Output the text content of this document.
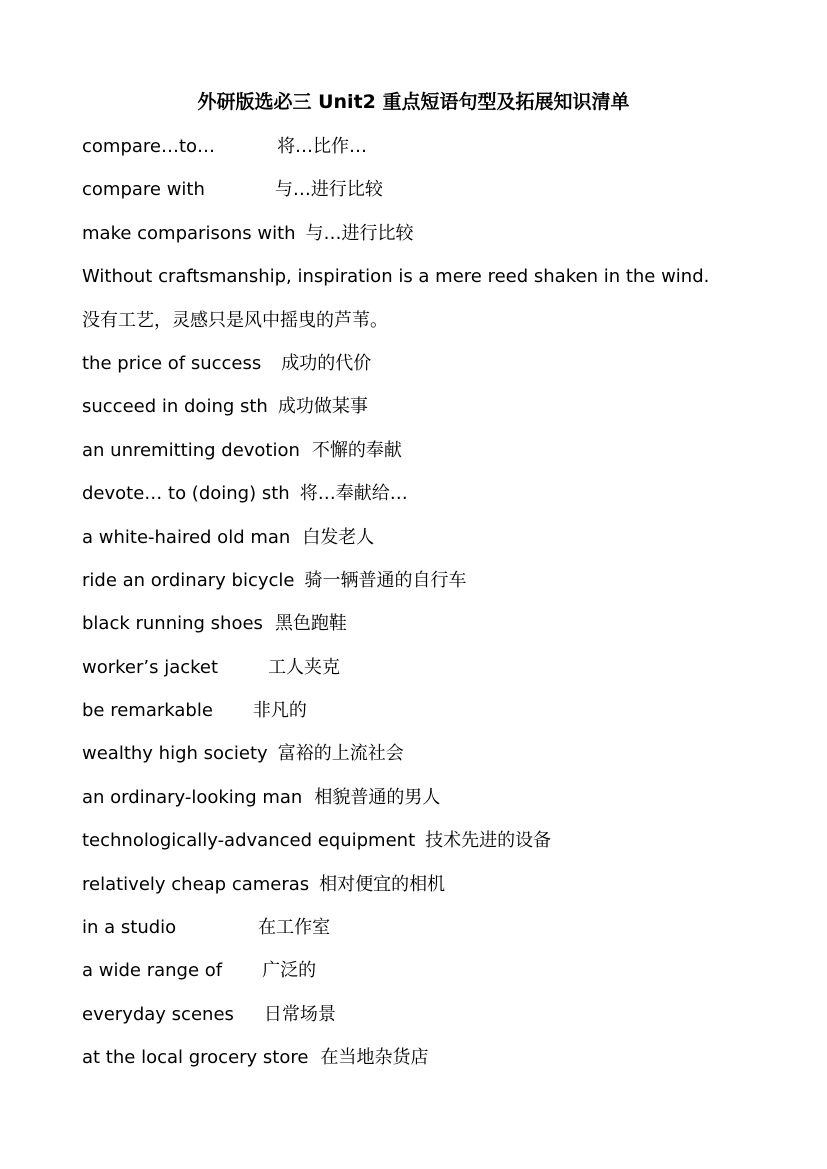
外研版选必三 Unit2 重点短语句型及拓展知识清单
compare…to…	将…比作…
compare with	与…进行比较
make comparisons with 与…进行比较
Without craftsmanship, inspiration is a mere reed shaken in the wind.
没有工艺，灵感只是风中摇曳的芦苇。
the price of success 成功的代价
succeed in doing sth 成功做某事
an unremitting devotion 不懈的奉献
devote… to (doing) sth 将…奉献给…
a white-haired old man 白发老人
ride an ordinary bicycle 骑一辆普通的自行车
black running shoes 黑色跑鞋
worker’s jacket	工人夹克
be remarkable 非凡的
wealthy high society 富裕的上流社会
an ordinary-looking man 相貌普通的男人
technologically-advanced equipment 技术先进的设备
relatively cheap cameras 相对便宜的相机
in a studio	在工作室
a wide range of 广泛的
everyday scenes 日常场景
at the local grocery store 在当地杂货店
